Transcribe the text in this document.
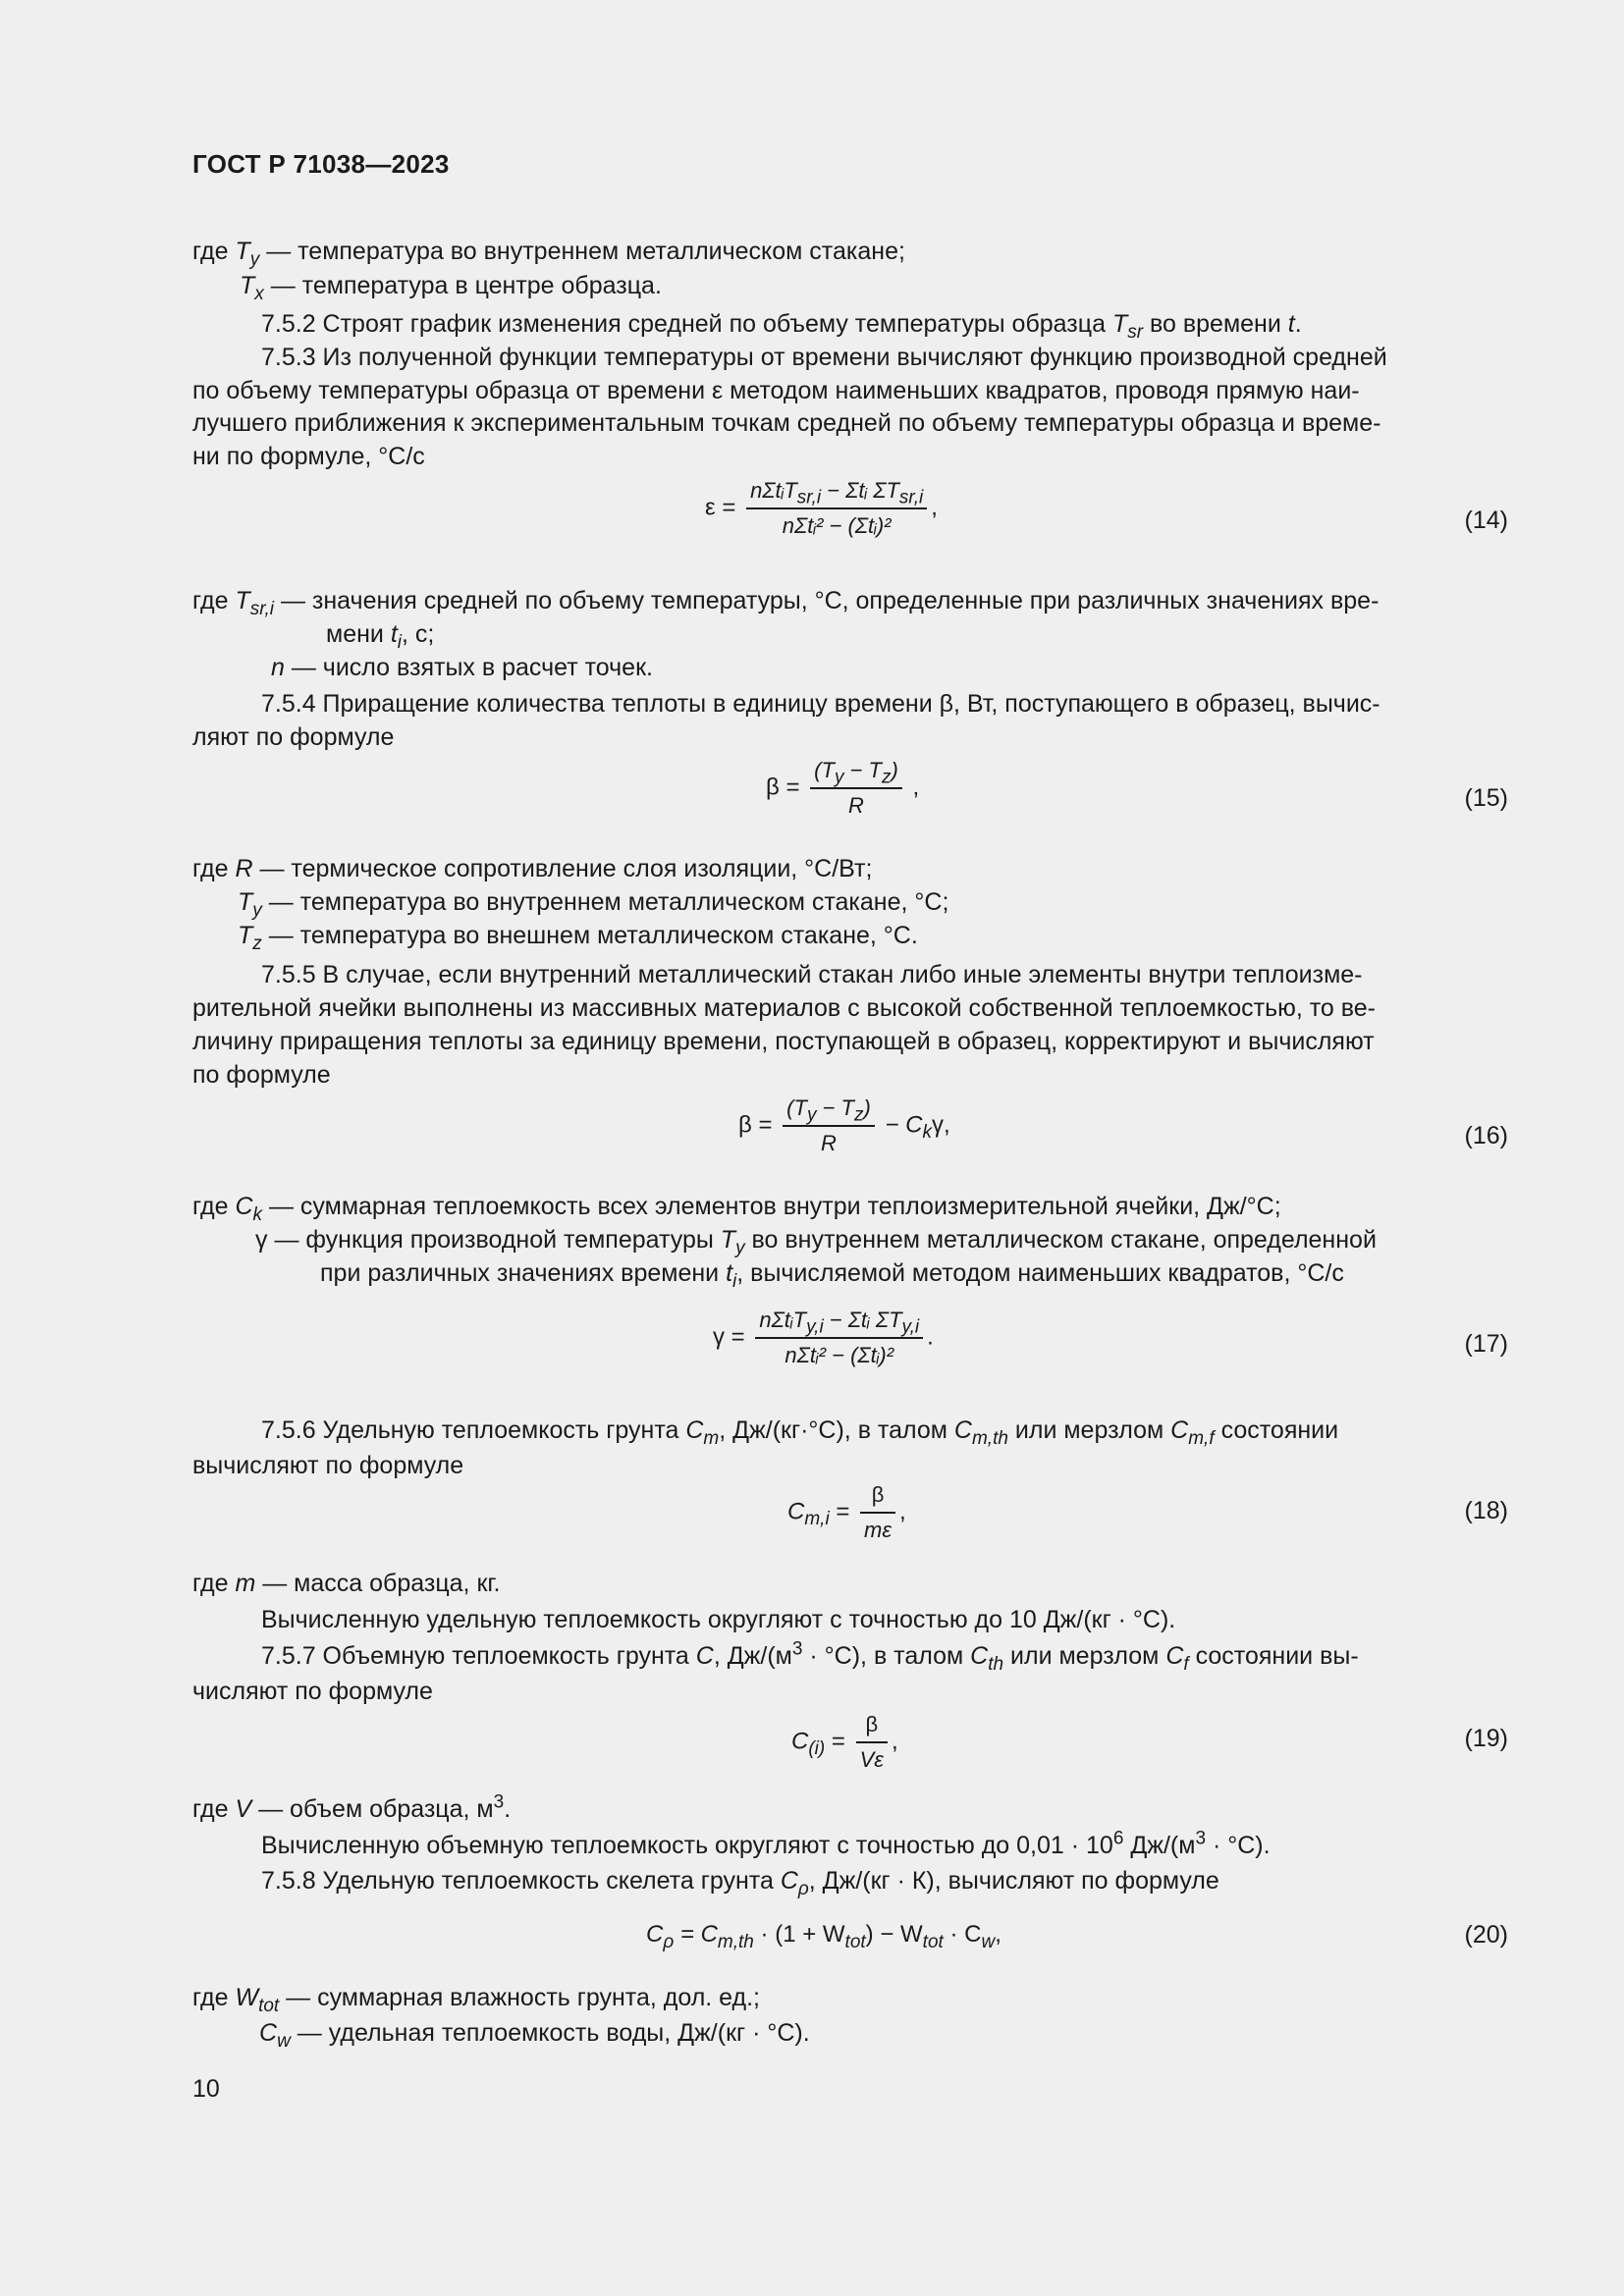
ГОСТ Р 71038—2023
где $T_y$ — температура во внутреннем металлическом стакане;
$T_x$ — температура в центре образца.
7.5.2 Строят график изменения средней по объему температуры образца $T_{sr}$ во времени t.
7.5.3 Из полученной функции температуры от времени вычисляют функцию производной средней
по объему температуры образца от времени ε методом наименьших квадратов, проводя прямую наи-
лучшего приближения к экспериментальным точкам средней по объему температуры образца и време-
ни по формуле, °C/c
$\varepsilon = \frac{n\Sigma tᵢT_{sr,i} - \Sigma tᵢ \Sigma T_{sr,i}}{\text{nΣtᵢ² − (Σtᵢ)²}}$ ,	(14)
где $T_{sr,i}$ — значения средней по объему температуры, °С, определенные при различных значениях вре-
мени $t_i$, с;
n — число взятых в расчет точек.
7.5.4 Приращение количества теплоты в единицу времени β, Вт, поступающего в образец, вычис-
ляют по формуле
$\beta = \frac{(T_y - T_z)}{R}$ ,	(15)
где R — термическое сопротивление слоя изоляции, °С/Вт;
$T_y$ — температура во внутреннем металлическом стакане, °С;
$T_z$ — температура во внешнем металлическом стакане, °С.
7.5.5 В случае, если внутренний металлический стакан либо иные элементы внутри теплоизме-
рительной ячейки выполнены из массивных материалов с высокой собственной теплоемкостью, то ве-
личину приращения теплоты за единицу времени, поступающей в образец, корректируют и вычисляют
по формуле
$\beta = \frac{(T_y - T_z)}{R} - C_k\gamma$,	(16)
где $C_k$ — суммарная теплоемкость всех элементов внутри теплоизмерительной ячейки, Дж/°С;
γ — функция производной температуры $T_y$ во внутреннем металлическом стакане, определенной
при различных значениях времени $t_i$, вычисляемой методом наименьших квадратов, °С/с
$\gamma = \frac{n\Sigma tᵢT_{y,i} - \Sigma tᵢ \Sigma T_{y,i}}{\text{nΣtᵢ² − (Σtᵢ)²}}$ .	(17)
7.5.6 Удельную теплоемкость грунта $C_m$, Дж/(кг·°С), в талом $C_{m,th}$ или мерзлом $C_{m,f}$ состоянии
вычисляют по формуле
$C_{m,i} = \frac{\beta}{m\varepsilon}$ ,	(18)
где m — масса образца, кг.
Вычисленную удельную теплоемкость округляют с точностью до 10 Дж/(кг · °С).
7.5.7 Объемную теплоемкость грунта C, $Дж/(м^3 \cdot ^\circ С)$, в талом $C_{th}$ или мерзлом $C_f$ состоянии вы-
числяют по формуле
$C_{(i)} = \frac{\beta}{V\varepsilon}$ ,	(19)
где V — объем образца, $м^3$.
Вычисленную объемную теплоемкость округляют с точностью до $0,01 \cdot 10^6$ $Дж/(м^3 \cdot ^\circ С)$.
7.5.8 Удельную теплоемкость скелета грунта $C_\rho$, Дж/(кг · К), вычисляют по формуле
$C_\rho = C_{m,th} \cdot (1 + W_{tot}) - W_{tot} \cdot C_w$,	(20)
где $W_{tot}$ — суммарная влажность грунта, дол. ед.;
$C_w$ — удельная теплоемкость воды, Дж/(кг · °С).
10
